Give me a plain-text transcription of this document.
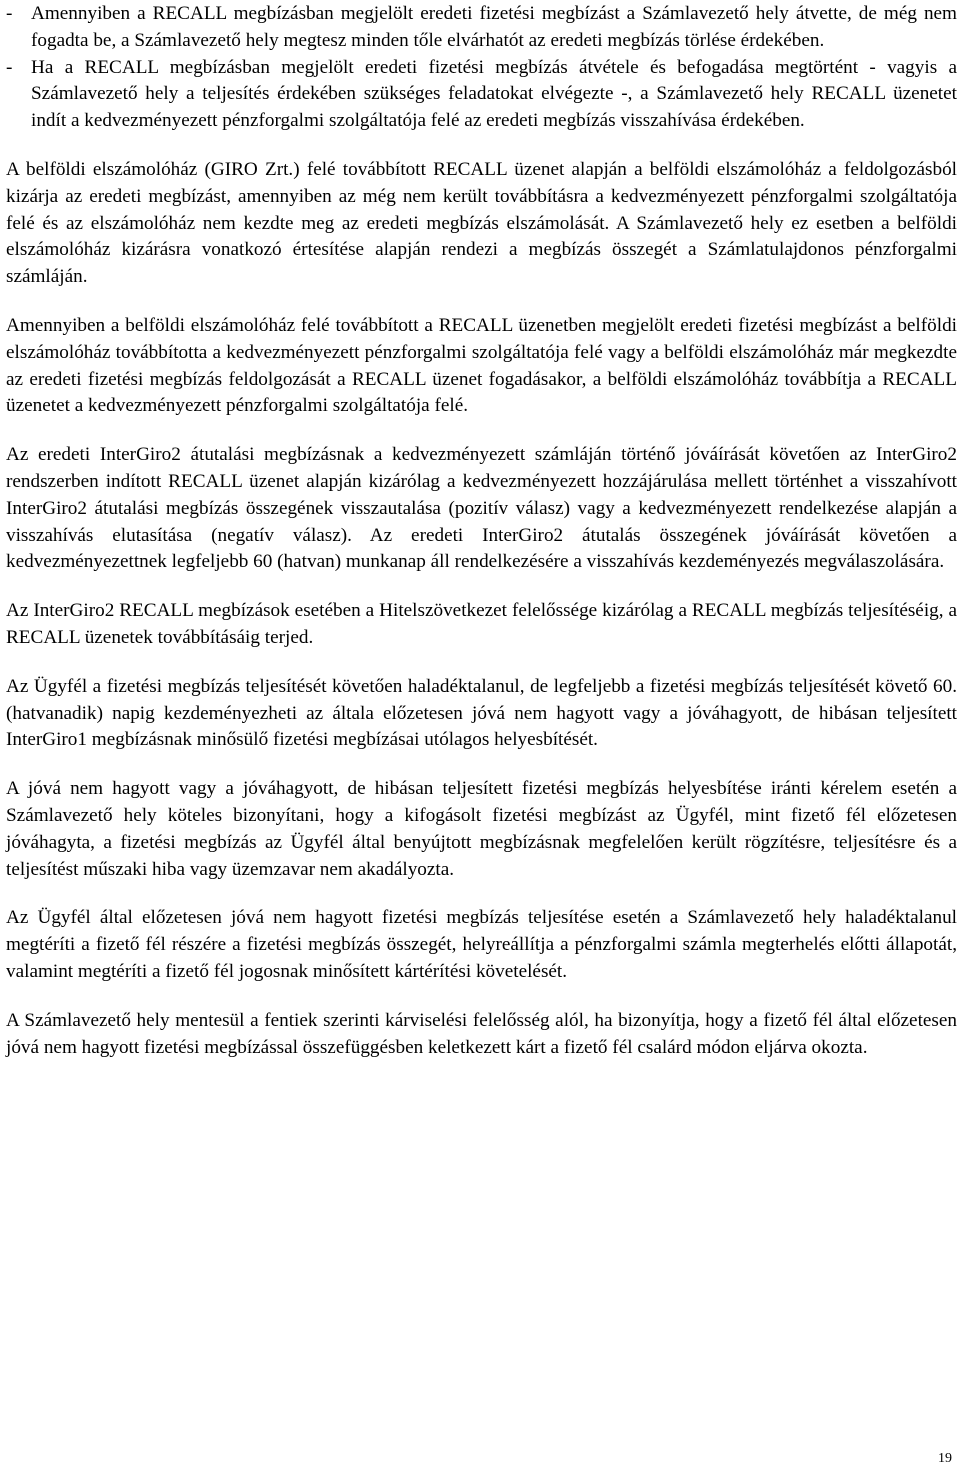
- Amennyiben a RECALL megbízásban megjelölt eredeti fizetési megbízást a Számlavezető hely átvette, de még nem fogadta be, a Számlavezető hely megtesz minden tőle elvárhatót az eredeti megbízás törlése érdekében.
- Ha a RECALL megbízásban megjelölt eredeti fizetési megbízás átvétele és befogadása megtörtént - vagyis a Számlavezető hely a teljesítés érdekében szükséges feladatokat elvégezte -, a Számlavezető hely RECALL üzenetet indít a kedvezményezett pénzforgalmi szolgáltatója felé az eredeti megbízás visszahívása érdekében.

A belföldi elszámolóház (GIRO Zrt.) felé továbbított RECALL üzenet alapján a belföldi elszámolóház a feldolgozásból kizárja az eredeti megbízást, amennyiben az még nem került továbbításra a kedvezményezett pénzforgalmi szolgáltatója felé és az elszámolóház nem kezdte meg az eredeti megbízás elszámolását. A Számlavezető hely ez esetben a belföldi elszámolóház kizárásra vonatkozó értesítése alapján rendezi a megbízás összegét a Számlatulajdonos pénzforgalmi számláján.

Amennyiben a belföldi elszámolóház felé továbbított a RECALL üzenetben megjelölt eredeti fizetési megbízást a belföldi elszámolóház továbbította a kedvezményezett pénzforgalmi szolgáltatója felé vagy a belföldi elszámolóház már megkezdte az eredeti fizetési megbízás feldolgozását a RECALL üzenet fogadásakor, a belföldi elszámolóház továbbítja a RECALL üzenetet a kedvezményezett pénzforgalmi szolgáltatója felé.

Az eredeti InterGiro2 átutalási megbízásnak a kedvezményezett számláján történő jóváírását követően az InterGiro2 rendszerben indított RECALL üzenet alapján kizárólag a kedvezményezett hozzájárulása mellett történhet a visszahívott InterGiro2 átutalási megbízás összegének visszautalása (pozitív válasz) vagy a kedvezményezett rendelkezése alapján a visszahívás elutasítása (negatív válasz). Az eredeti InterGiro2 átutalás összegének jóváírását követően a kedvezményezettnek legfeljebb 60 (hatvan) munkanap áll rendelkezésére a visszahívás kezdeményezés megválaszolására.

Az InterGiro2 RECALL megbízások esetében a Hitelszövetkezet felelőssége kizárólag a RECALL megbízás teljesítéséig, a RECALL üzenetek továbbításáig terjed.

Az Ügyfél a fizetési megbízás teljesítését követően haladéktalanul, de legfeljebb a fizetési megbízás teljesítését követő 60. (hatvanadik) napig kezdeményezheti az általa előzetesen jóvá nem hagyott vagy a jóváhagyott, de hibásan teljesített InterGiro1 megbízásnak minősülő fizetési megbízásai utólagos helyesbítését.

A jóvá nem hagyott vagy a jóváhagyott, de hibásan teljesített fizetési megbízás helyesbítése iránti kérelem esetén a Számlavezető hely köteles bizonyítani, hogy a kifogásolt fizetési megbízást az Ügyfél, mint fizető fél előzetesen jóváhagyta, a fizetési megbízás az Ügyfél által benyújtott megbízásnak megfelelően került rögzítésre, teljesítésre és a teljesítést műszaki hiba vagy üzemzavar nem akadályozta.

Az Ügyfél által előzetesen jóvá nem hagyott fizetési megbízás teljesítése esetén a Számlavezető hely haladéktalanul megtéríti a fizető fél részére a fizetési megbízás összegét, helyreállítja a pénzforgalmi számla megterhelés előtti állapotát, valamint megtéríti a fizető fél jogosnak minősített kártérítési követelését.

A Számlavezető hely mentesül a fentiek szerinti kárviselési felelősség alól, ha bizonyítja, hogy a fizető fél által előzetesen jóvá nem hagyott fizetési megbízással összefüggésben keletkezett kárt a fizető fél csalárd módon eljárva okozta.

19
